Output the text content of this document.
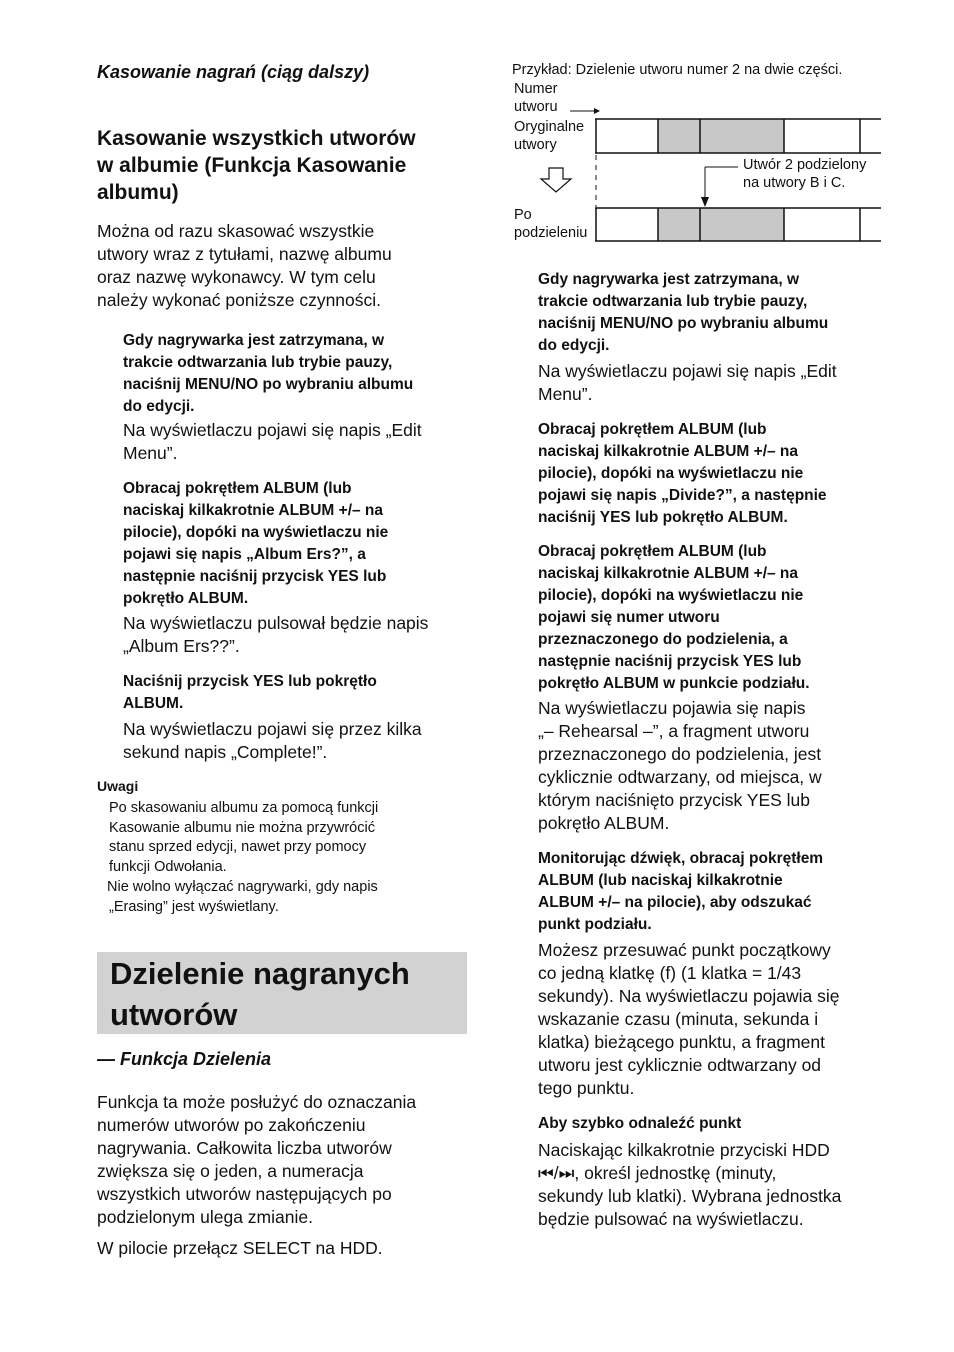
Kasowanie nagrań (ciąg dalszy)

Kasowanie wszystkich utworów
w albumie (Funkcja Kasowanie
albumu)

Można od razu skasować wszystkie
utwory wraz z tytułami, nazwę albumu
oraz nazwę wykonawcy. W tym celu
należy wykonać poniższe czynności.

Gdy nagrywarka jest zatrzymana, w
trakcie odtwarzania lub trybie pauzy,
naciśnij MENU/NO po wybraniu albumu
do edycji.

Na wyświetlaczu pojawi się napis „Edit
Menu”.

Obracaj pokrętłem ALBUM (lub
naciskaj kilkakrotnie ALBUM +/– na
pilocie), dopóki na wyświetlaczu nie
pojawi się napis „Album Ers?”, a
następnie naciśnij przycisk YES lub
pokrętło ALBUM.

Na wyświetlaczu pulsował będzie napis
„Album Ers??”.

Naciśnij przycisk YES lub pokrętło
ALBUM.

Na wyświetlaczu pojawi się przez kilka
sekund napis „Complete!”.

Uwagi

Po skasowaniu albumu za pomocą funkcji
Kasowanie albumu nie można przywrócić
stanu sprzed edycji, nawet przy pomocy
funkcji Odwołania.

Nie wolno wyłączać nagrywarki, gdy napis
„Erasing” jest wyświetlany.

— Funkcja Dzielenia

Funkcja ta może posłużyć do oznaczania
numerów utworów po zakończeniu
nagrywania. Całkowita liczba utworów
zwiększa się o jeden, a numeracja
wszystkich utworów następujących po
podzielonym ulega zmianie.

W pilocie przełącz SELECT na HDD.

Dzielenie nagranych
utworów
Przykład: Dzielenie utworu numer 2 na dwie części.
Numer
utworu
Oryginalne
utwory
Po
podzieleniu
Utwór 2 podzielony
na utwory B i C.

Gdy nagrywarka jest zatrzymana, w
trakcie odtwarzania lub trybie pauzy,
naciśnij MENU/NO po wybraniu albumu
do edycji.

Na wyświetlaczu pojawi się napis „Edit
Menu”.

Obracaj pokrętłem ALBUM (lub
naciskaj kilkakrotnie ALBUM +/– na
pilocie), dopóki na wyświetlaczu nie
pojawi się napis „Divide?”, a następnie
naciśnij YES lub pokrętło ALBUM.

Obracaj pokrętłem ALBUM (lub
naciskaj kilkakrotnie ALBUM +/– na
pilocie), dopóki na wyświetlaczu nie
pojawi się numer utworu
przeznaczonego do podzielenia, a
następnie naciśnij przycisk YES lub
pokrętło ALBUM w punkcie podziału.

Na wyświetlaczu pojawia się napis
„– Rehearsal –”, a fragment utworu
przeznaczonego do podzielenia, jest
cyklicznie odtwarzany, od miejsca, w
którym naciśnięto przycisk YES lub
pokrętło ALBUM.

Monitorując dźwięk, obracaj pokrętłem
ALBUM (lub naciskaj kilkakrotnie
ALBUM +/– na pilocie), aby odszukać
punkt podziału.

Możesz przesuwać punkt początkowy
co jedną klatkę (f) (1 klatka = 1/43
sekundy). Na wyświetlaczu pojawia się
wskazanie czasu (minuta, sekunda i
klatka) bieżącego punktu, a fragment
utworu jest cyklicznie odtwarzany od
tego punktu.

Aby szybko odnaleźć punkt

Naciskając kilkakrotnie przyciski HDD
⏮/⏭, określ jednostkę (minuty,
sekundy lub klatki). Wybrana jednostka
będzie pulsować na wyświetlaczu.
